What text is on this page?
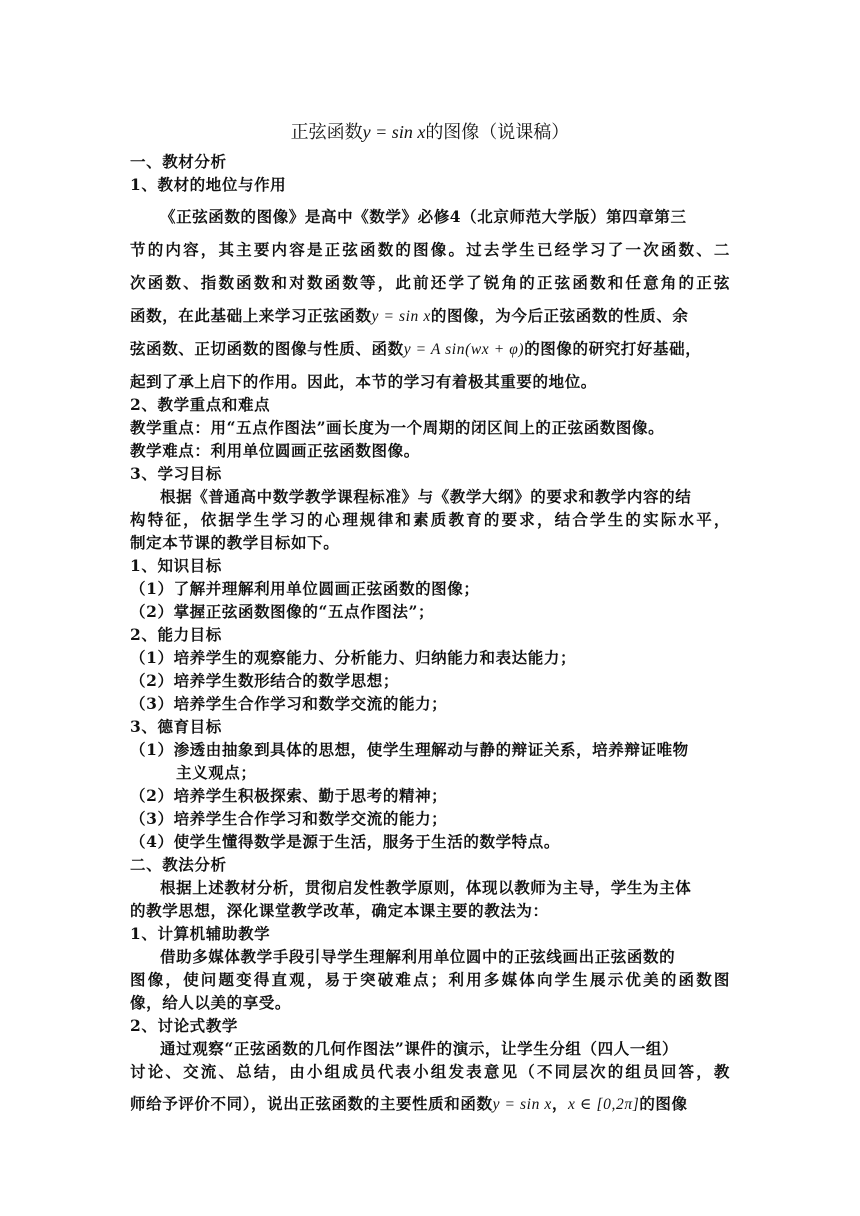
正弦函数y = sin x的图像（说课稿）
一、教材分析
1、教材的地位与作用
《正弦函数的图像》是高中《数学》必修4（北京师范大学版）第四章第三
节的内容，其主要内容是正弦函数的图像。过去学生已经学习了一次函数、二
次函数、指数函数和对数函数等，此前还学了锐角的正弦函数和任意角的正弦
函数，在此基础上来学习正弦函数y = sin x的图像，为今后正弦函数的性质、余
弦函数、正切函数的图像与性质、函数y = A sin(wx + φ)的图像的研究打好基础，
起到了承上启下的作用。因此，本节的学习有着极其重要的地位。
2、教学重点和难点
教学重点：用“五点作图法”画长度为一个周期的闭区间上的正弦函数图像。
教学难点：利用单位圆画正弦函数图像。
3、学习目标
根据《普通高中数学教学课程标准》与《教学大纲》的要求和教学内容的结
构特征，依据学生学习的心理规律和素质教育的要求，结合学生的实际水平，
制定本节课的教学目标如下。
1、知识目标
（1）了解并理解利用单位圆画正弦函数的图像；
（2）掌握正弦函数图像的“五点作图法”；
2、能力目标
（1）培养学生的观察能力、分析能力、归纳能力和表达能力；
（2）培养学生数形结合的数学思想；
（3）培养学生合作学习和数学交流的能力；
3、德育目标
（1）渗透由抽象到具体的思想，使学生理解动与静的辩证关系，培养辩证唯物
主义观点；
（2）培养学生积极探索、勤于思考的精神；
（3）培养学生合作学习和数学交流的能力；
（4）使学生懂得数学是源于生活，服务于生活的数学特点。
二、教法分析
根据上述教材分析，贯彻启发性教学原则，体现以教师为主导，学生为主体
的教学思想，深化课堂教学改革，确定本课主要的教法为：
1、计算机辅助教学
借助多媒体教学手段引导学生理解利用单位圆中的正弦线画出正弦函数的
图像，使问题变得直观，易于突破难点；利用多媒体向学生展示优美的函数图
像，给人以美的享受。
2、讨论式教学
通过观察“正弦函数的几何作图法”课件的演示，让学生分组（四人一组）
讨论、交流、总结，由小组成员代表小组发表意见（不同层次的组员回答，教
师给予评价不同），说出正弦函数的主要性质和函数y = sin x，x ∈ [0,2π]的图像
